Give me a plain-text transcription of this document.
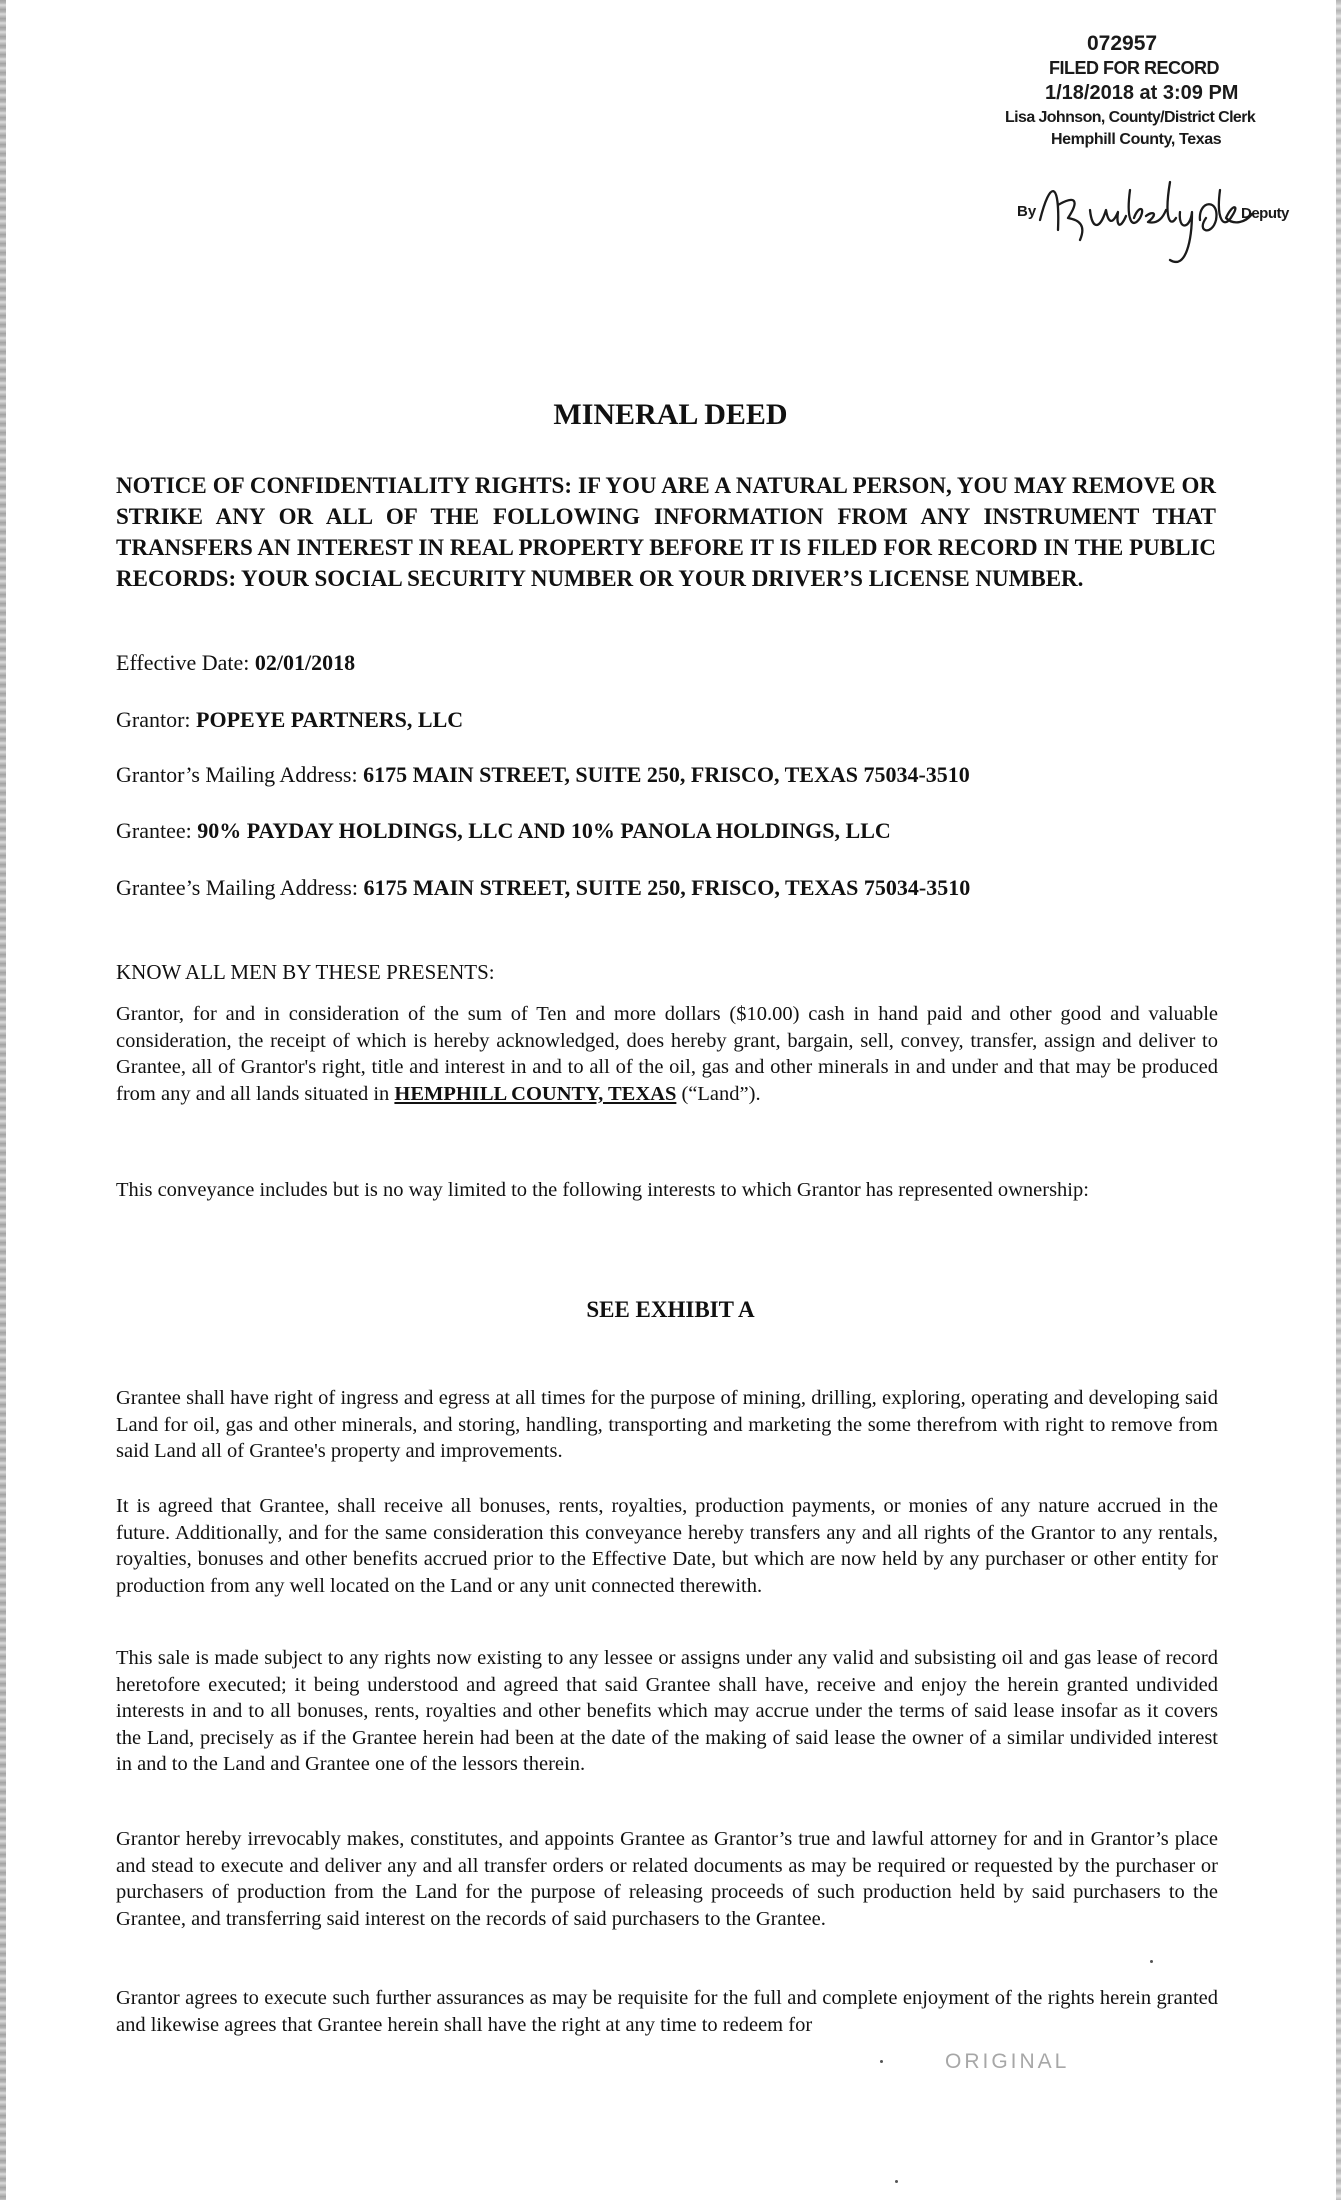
072957
FILED FOR RECORD
1/18/2018 at 3:09 PM
Lisa Johnson, County/District Clerk
Hemphill County, Texas
By	Deputy
MINERAL DEED
NOTICE OF CONFIDENTIALITY RIGHTS: IF YOU ARE A NATURAL PERSON, YOU MAY REMOVE OR STRIKE ANY OR ALL OF THE FOLLOWING INFORMATION FROM ANY INSTRUMENT THAT TRANSFERS AN INTEREST IN REAL PROPERTY BEFORE IT IS FILED FOR RECORD IN THE PUBLIC RECORDS: YOUR SOCIAL SECURITY NUMBER OR YOUR DRIVER’S LICENSE NUMBER.
Effective Date: 02/01/2018
Grantor: POPEYE PARTNERS, LLC
Grantor’s Mailing Address: 6175 MAIN STREET, SUITE 250, FRISCO, TEXAS 75034-3510
Grantee: 90% PAYDAY HOLDINGS, LLC AND 10% PANOLA HOLDINGS, LLC
Grantee’s Mailing Address: 6175 MAIN STREET, SUITE 250, FRISCO, TEXAS 75034-3510
KNOW ALL MEN BY THESE PRESENTS:
Grantor, for and in consideration of the sum of Ten and more dollars ($10.00) cash in hand paid and other good and valuable consideration, the receipt of which is hereby acknowledged, does hereby grant, bargain, sell, convey, transfer, assign and deliver to Grantee, all of Grantor's right, title and interest in and to all of the oil, gas and other minerals in and under and that may be produced from any and all lands situated in HEMPHILL COUNTY, TEXAS (“Land”).
This conveyance includes but is no way limited to the following interests to which Grantor has represented ownership:
SEE EXHIBIT A
Grantee shall have right of ingress and egress at all times for the purpose of mining, drilling, exploring, operating and developing said Land for oil, gas and other minerals, and storing, handling, transporting and marketing the some therefrom with right to remove from said Land all of Grantee's property and improvements.
It is agreed that Grantee, shall receive all bonuses, rents, royalties, production payments, or monies of any nature accrued in the future. Additionally, and for the same consideration this conveyance hereby transfers any and all rights of the Grantor to any rentals, royalties, bonuses and other benefits accrued prior to the Effective Date, but which are now held by any purchaser or other entity for production from any well located on the Land or any unit connected therewith.
This sale is made subject to any rights now existing to any lessee or assigns under any valid and subsisting oil and gas lease of record heretofore executed; it being understood and agreed that said Grantee shall have, receive and enjoy the herein granted undivided interests in and to all bonuses, rents, royalties and other benefits which may accrue under the terms of said lease insofar as it covers the Land, precisely as if the Grantee herein had been at the date of the making of said lease the owner of a similar undivided interest in and to the Land and Grantee one of the lessors therein.
Grantor hereby irrevocably makes, constitutes, and appoints Grantee as Grantor’s true and lawful attorney for and in Grantor’s place and stead to execute and deliver any and all transfer orders or related documents as may be required or requested by the purchaser or purchasers of production from the Land for the purpose of releasing proceeds of such production held by said purchasers to the Grantee, and transferring said interest on the records of said purchasers to the Grantee.
Grantor agrees to execute such further assurances as may be requisite for the full and complete enjoyment of the rights herein granted and likewise agrees that Grantee herein shall have the right at any time to redeem for
ORIGINAL
